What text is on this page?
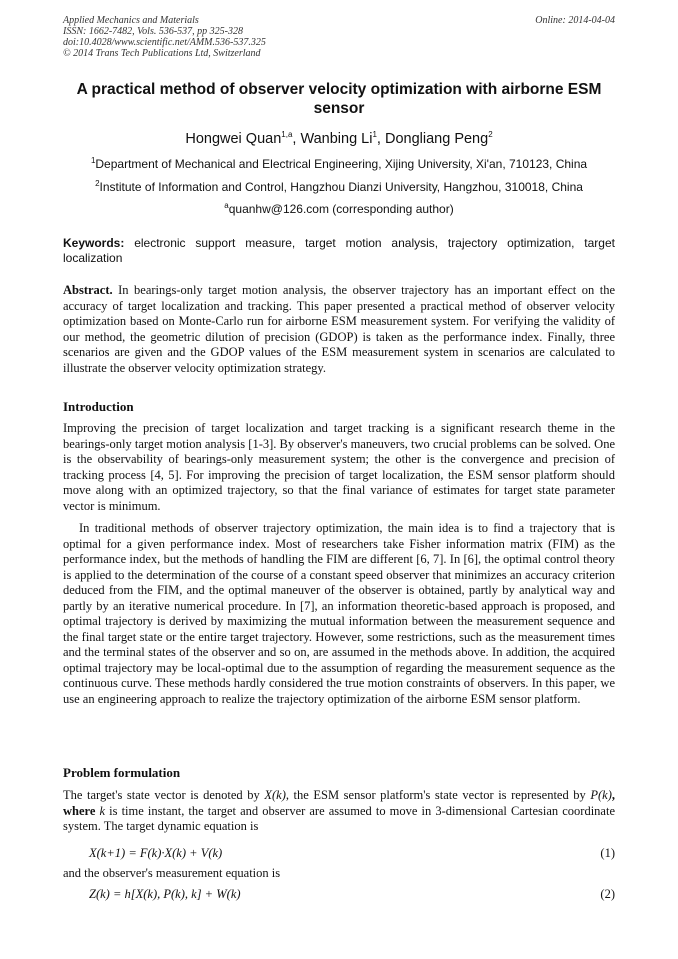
Applied Mechanics and Materials
ISSN: 1662-7482, Vols. 536-537, pp 325-328
doi:10.4028/www.scientific.net/AMM.536-537.325
© 2014 Trans Tech Publications Ltd, Switzerland
Online: 2014-04-04
A practical method of observer velocity optimization with airborne ESM sensor
Hongwei Quan$^{1,a}$, Wanbing Li$^1$, Dongliang Peng$^2$
$^1$Department of Mechanical and Electrical Engineering, Xijing University, Xi'an, 710123, China
$^2$Institute of Information and Control, Hangzhou Dianzi University, Hangzhou, 310018, China
$^a$quanhw@126.com (corresponding author)
Keywords: electronic support measure, target motion analysis, trajectory optimization, target localization
Abstract. In bearings-only target motion analysis, the observer trajectory has an important effect on the accuracy of target localization and tracking. This paper presented a practical method of observer velocity optimization based on Monte-Carlo run for airborne ESM measurement system. For verifying the validity of our method, the geometric dilution of precision (GDOP) is taken as the performance index. Finally, three scenarios are given and the GDOP values of the ESM measurement system in scenarios are calculated to illustrate the observer velocity optimization strategy.
Introduction
Improving the precision of target localization and target tracking is a significant research theme in the bearings-only target motion analysis [1-3]. By observer's maneuvers, two crucial problems can be solved. One is the observability of bearings-only measurement system; the other is the convergence and precision of tracking process [4, 5]. For improving the precision of target localization, the ESM sensor platform should move along with an optimized trajectory, so that the final variance of estimates for target state parameter vector is minimum.
In traditional methods of observer trajectory optimization, the main idea is to find a trajectory that is optimal for a given performance index. Most of researchers take Fisher information matrix (FIM) as the performance index, but the methods of handling the FIM are different [6, 7]. In [6], the optimal control theory is applied to the determination of the course of a constant speed observer that minimizes an accuracy criterion deduced from the FIM, and the optimal maneuver of the observer is obtained, partly by analytical way and partly by an iterative numerical procedure. In [7], an information theoretic-based approach is proposed, and optimal trajectory is derived by maximizing the mutual information between the measurement sequence and the final target state or the entire target trajectory. However, some restrictions, such as the measurement times and the terminal states of the observer and so on, are assumed in the methods above. In addition, the acquired optimal trajectory may be local-optimal due to the assumption of regarding the measurement sequence as the continuous curve. These methods hardly considered the true motion constraints of observers. In this paper, we use an engineering approach to realize the trajectory optimization of the airborne ESM sensor platform.
Problem formulation
The target's state vector is denoted by X(k), the ESM sensor platform's state vector is represented by P(k), where k is time instant, the target and observer are assumed to move in 3-dimensional Cartesian coordinate system. The target dynamic equation is
X(k+1) = F(k)·X(k) + V(k)	(1)
and the observer's measurement equation is
Z(k) = h[X(k), P(k), k] + W(k)	(2)
